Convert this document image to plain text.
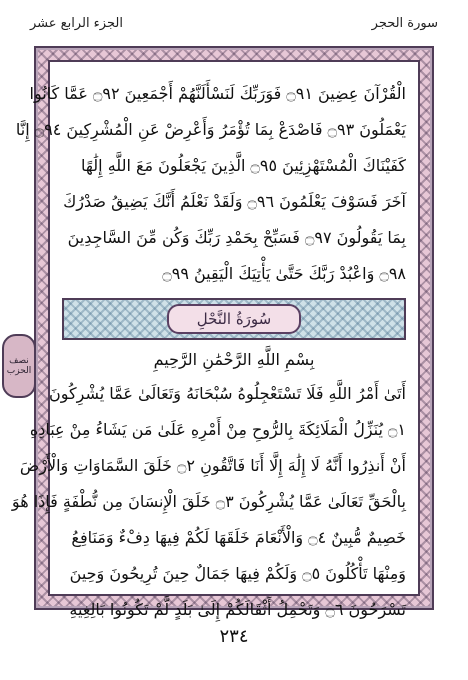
الجزء الرابع عشر	سورة الحجر
نصف الحزب
الْقُرْآنَ عِضِينَ ۝٩١ فَوَرَبِّكَ لَنَسْأَلَنَّهُمْ أَجْمَعِينَ ۝٩٢ عَمَّا كَانُوا
يَعْمَلُونَ ۝٩٣ فَاصْدَعْ بِمَا تُؤْمَرُ وَأَعْرِضْ عَنِ الْمُشْرِكِينَ ۝٩٤ إِنَّا
كَفَيْنَاكَ الْمُسْتَهْزِئِينَ ۝٩٥ الَّذِينَ يَجْعَلُونَ مَعَ اللَّهِ إِلَٰهًا
آخَرَ فَسَوْفَ يَعْلَمُونَ ۝٩٦ وَلَقَدْ نَعْلَمُ أَنَّكَ يَضِيقُ صَدْرُكَ
بِمَا يَقُولُونَ ۝٩٧ فَسَبِّحْ بِحَمْدِ رَبِّكَ وَكُن مِّنَ السَّاجِدِينَ
۝٩٨ وَاعْبُدْ رَبَّكَ حَتَّىٰ يَأْتِيَكَ الْيَقِينُ ۝٩٩
سُورَةُ النَّحْلِ
بِسْمِ اللَّهِ الرَّحْمَٰنِ الرَّحِيمِ
أَتَىٰ أَمْرُ اللَّهِ فَلَا تَسْتَعْجِلُوهُ سُبْحَانَهُ وَتَعَالَىٰ عَمَّا يُشْرِكُونَ
۝١ يُنَزِّلُ الْمَلَائِكَةَ بِالرُّوحِ مِنْ أَمْرِهِ عَلَىٰ مَن يَشَاءُ مِنْ عِبَادِهِ
أَنْ أَنذِرُوا أَنَّهُ لَا إِلَٰهَ إِلَّا أَنَا فَاتَّقُونِ ۝٢ خَلَقَ السَّمَاوَاتِ وَالْأَرْضَ
بِالْحَقِّ تَعَالَىٰ عَمَّا يُشْرِكُونَ ۝٣ خَلَقَ الْإِنسَانَ مِن نُّطْفَةٍ فَإِذَا هُوَ
خَصِيمٌ مُّبِينٌ ۝٤ وَالْأَنْعَامَ خَلَقَهَا لَكُمْ فِيهَا دِفْءٌ وَمَنَافِعُ
وَمِنْهَا تَأْكُلُونَ ۝٥ وَلَكُمْ فِيهَا جَمَالٌ حِينَ تُرِيحُونَ وَحِينَ
تَسْرَحُونَ ۝٦ وَتَحْمِلُ أَثْقَالَكُمْ إِلَىٰ بَلَدٍ لَّمْ تَكُونُوا بَالِغِيهِ
٢٣٤
